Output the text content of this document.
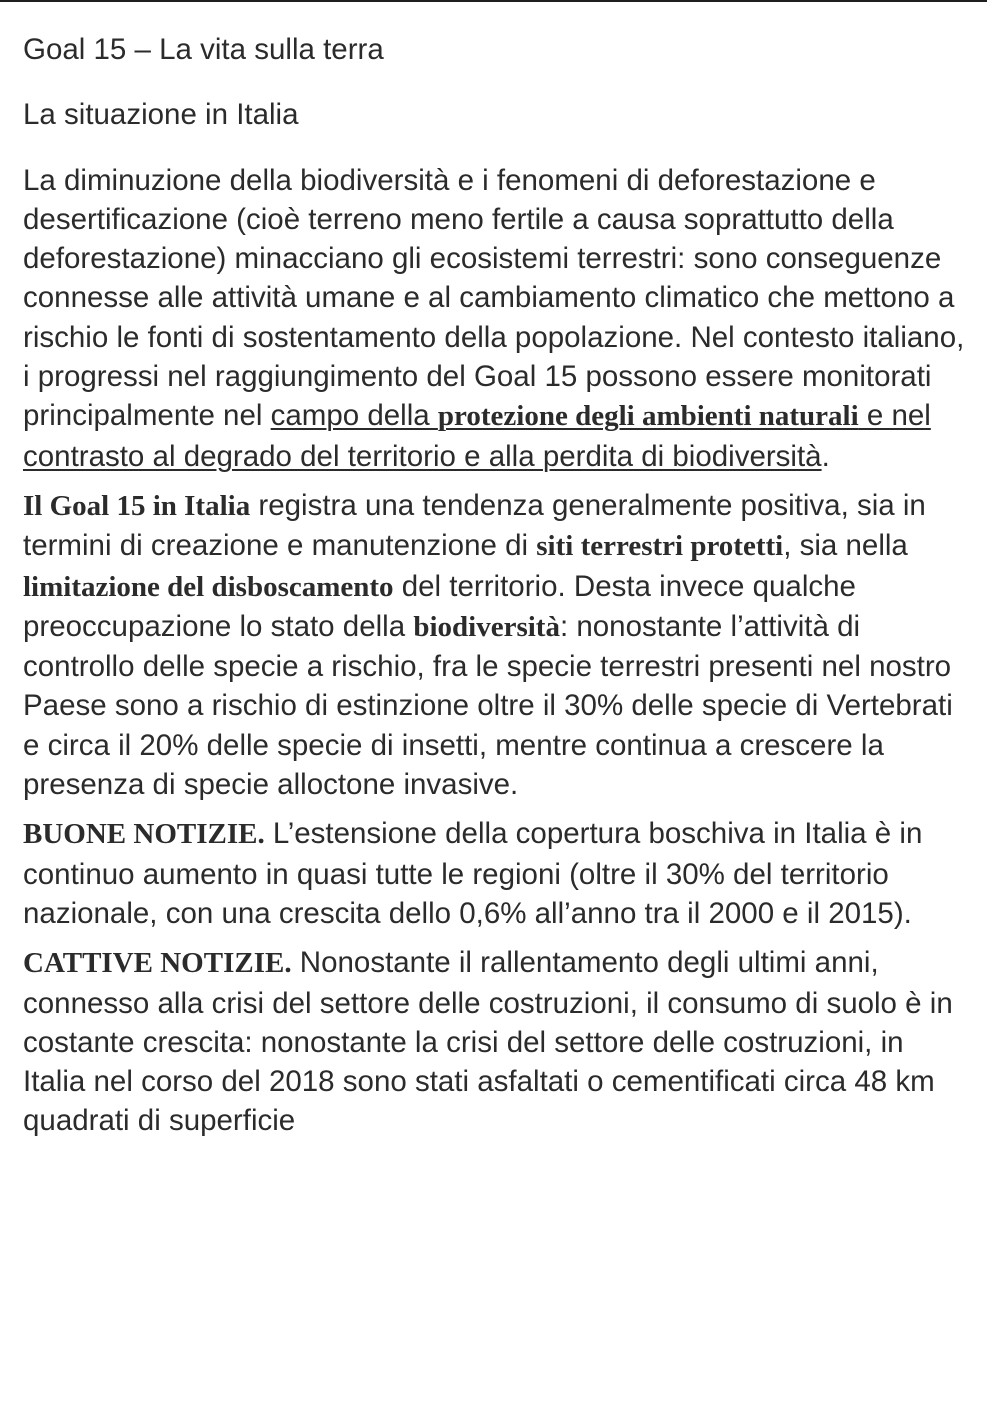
Goal 15 – La vita sulla terra
La situazione in Italia

La diminuzione della biodiversità e i fenomeni di deforestazione e desertificazione (cioè terreno meno fertile a causa soprattutto della deforestazione) minacciano gli ecosistemi terrestri: sono conseguenze connesse alle attività umane e al cambiamento climatico che mettono a rischio le fonti di sostentamento della popolazione. Nel contesto italiano, i progressi nel raggiungimento del Goal 15 possono essere monitorati principalmente nel campo della protezione degli ambienti naturali e nel contrasto al degrado del territorio e alla perdita di biodiversità.

Il Goal 15 in Italia registra una tendenza generalmente positiva, sia in termini di creazione e manutenzione di siti terrestri protetti, sia nella limitazione del disboscamento del territorio. Desta invece qualche preoccupazione lo stato della biodiversità: nonostante l’attività di controllo delle specie a rischio, fra le specie terrestri presenti nel nostro Paese sono a rischio di estinzione oltre il 30% delle specie di Vertebrati e circa il 20% delle specie di insetti, mentre continua a crescere la presenza di specie alloctone invasive.

BUONE NOTIZIE. L’estensione della copertura boschiva in Italia è in continuo aumento in quasi tutte le regioni (oltre il 30% del territorio nazionale, con una crescita dello 0,6% all’anno tra il 2000 e il 2015).

CATTIVE NOTIZIE. Nonostante il rallentamento degli ultimi anni, connesso alla crisi del settore delle costruzioni, il consumo di suolo è in costante crescita: nonostante la crisi del settore delle costruzioni, in Italia nel corso del 2018 sono stati asfaltati o cementificati circa 48 km quadrati di superficie
